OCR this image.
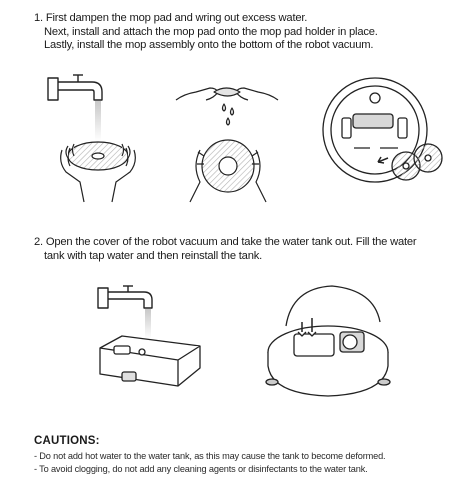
1. First dampen the mop pad and wring out excess water.
Next, install and attach the mop pad onto the mop pad holder in place.
Lastly, install the mop assembly onto the bottom of the robot vacuum.
2. Open the cover of the robot vacuum and take the water tank out. Fill the water
tank with tap water and then reinstall the tank.
CAUTIONS:
- Do not add hot water to the water tank, as this may cause the tank to become deformed.
- To avoid clogging, do not add any cleaning agents or disinfectants to the water tank.
